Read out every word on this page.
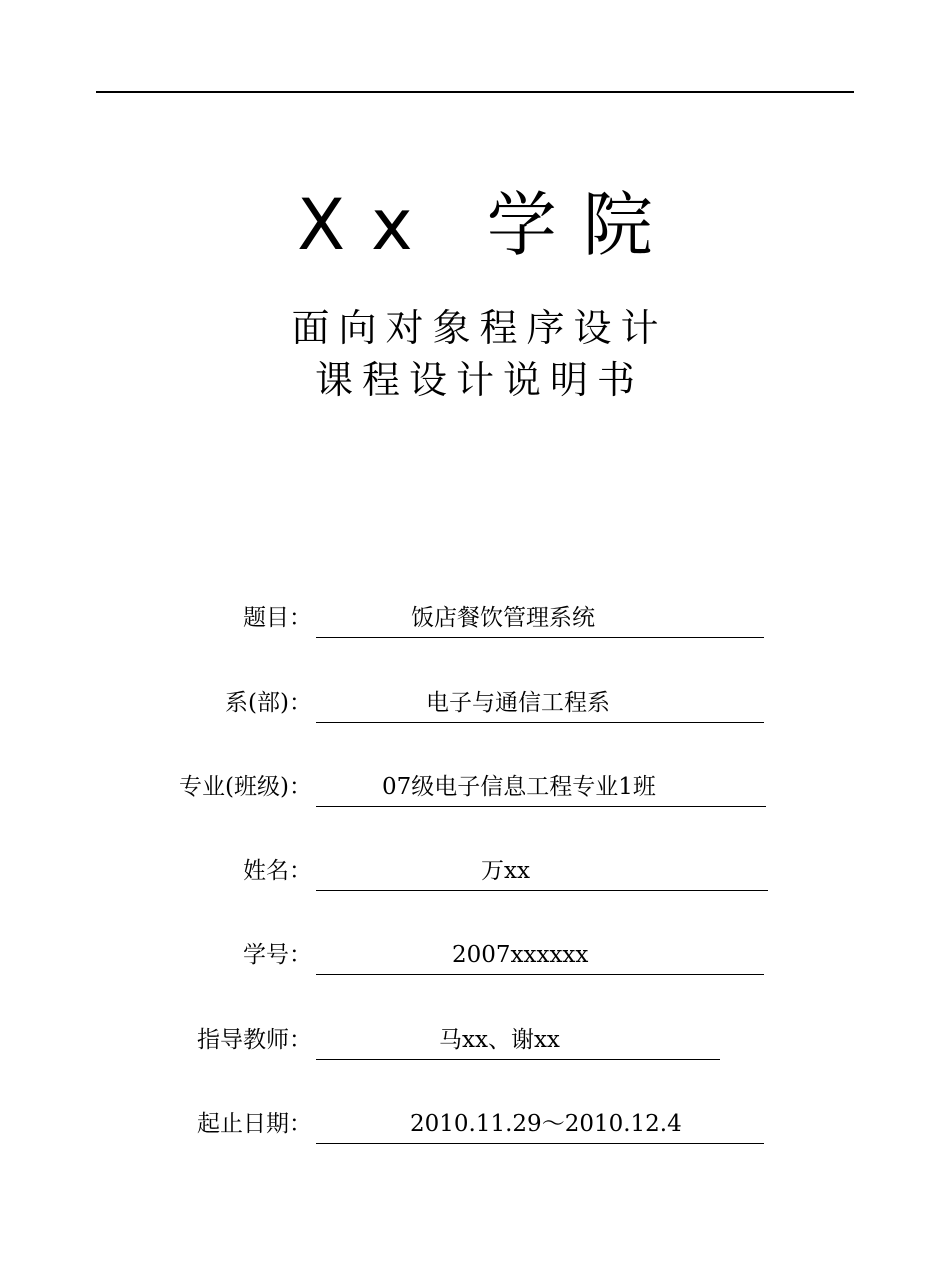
Xx 学院
面向对象程序设计
课程设计说明书
题目：	饭店餐饮管理系统
系(部)：	电子与通信工程系
专业(班级)：	07级电子信息工程专业1班
姓名：	万xx
学号：	2007xxxxxx
指导教师：	马xx、谢xx
起止日期：	2010.11.29～2010.12.4
